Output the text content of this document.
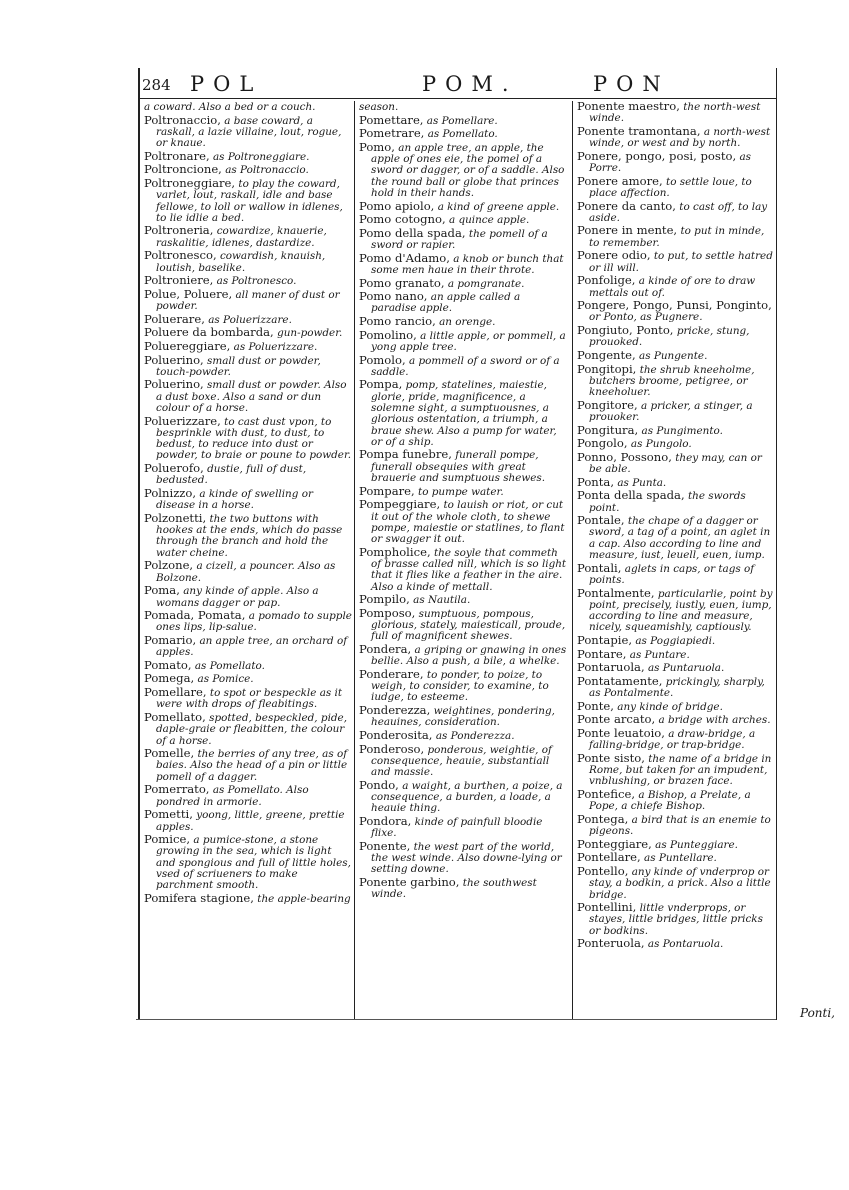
284 POL	POM.	PON
a coward. Also a bed or a couch.
Poltronaccio, a base coward, a raskall, a lazie villaine, lout, rogue, or knaue.
Poltronare, as Poltroneggiare.
Poltroncione, as Poltronaccio.
Poltroneggiare, to play the coward, varlet, lout, raskall, idle and base fellowe, to loll or wallow in idlenes, to lie idlie a bed.
Poltroneria, cowardize, knauerie, raskalitie, idlenes, dastardize.
Poltronesco, cowardish, knauish, loutish, baselike.
Poltroniere, as Poltronesco.
Polue, Poluere, all maner of dust or powder.
Poluerare, as Poluerizzare.
Poluere da bombarda, gun-powder.
Poluereggiare, as Poluerizzare.
Poluerino, small dust or powder, touch-powder.
Poluerino, small dust or powder. Also a dust boxe. Also a sand or dun colour of a horse.
Poluerizzare, to cast dust vpon, to besprinkle with dust, to dust, to bedust, to reduce into dust or powder, to braie or poune to powder.
Poluerofo, dustie, full of dust, bedusted.
Polnizzo, a kinde of swelling or disease in a horse.
Polzonetti, the two buttons with hookes at the ends, which do passe through the branch and hold the water cheine.
Polzone, a cizell, a pouncer. Also as Bolzone.
Poma, any kinde of apple. Also a womans dagger or pap.
Pomada, Pomata, a pomado to supple ones lips, lip-salue.
Pomario, an apple tree, an orchard of apples.
Pomato, as Pomellato.
Pomega, as Pomice.
Pomellare, to spot or bespeckle as it were with drops of fleabitings.
Pomellato, spotted, bespeckled, pide, daple-graie or fleabitten, the colour of a horse.
Pomelle, the berries of any tree, as of baies. Also the head of a pin or little pomell of a dagger.
Pomerrato, as Pomellato. Also pondred in armorie.
Pometti, yoong, little, greene, prettie apples.
Pomice, a pumice-stone, a stone growing in the sea, which is light and spongious and full of little holes, vsed of scriueners to make parchment smooth.
Pomifera stagione, the apple-bearing
season.
Pomettare, as Pomellare.
Pometrare, as Pomellato.
Pomo, an apple tree, an apple, the apple of ones eie, the pomel of a sword or dagger, or of a saddle. Also the round ball or globe that princes hold in their hands.
Pomo apiolo, a kind of greene apple.
Pomo cotogno, a quince apple.
Pomo della spada, the pomell of a sword or rapier.
Pomo d'Adamo, a knob or bunch that some men haue in their throte.
Pomo granato, a pomgranate.
Pomo nano, an apple called a paradise apple.
Pomo rancio, an orenge.
Pomolino, a little apple, or pommell, a yong apple tree.
Pomolo, a pommell of a sword or of a saddle.
Pompa, pomp, statelines, maiestie, glorie, pride, magnificence, a solemne sight, a sumptuousnes, a glorious ostentation, a triumph, a braue shew. Also a pump for water, or of a ship.
Pompa funebre, funerall pompe, funerall obsequies with great brauerie and sumptuous shewes.
Pompare, to pumpe water.
Pompeggiare, to lauish or riot, or cut it out of the whole cloth, to shewe pompe, maiestie or statlines, to flant or swagger it out.
Pompholice, the soyle that commeth of brasse called nill, which is so light that it flies like a feather in the aire. Also a kinde of mettall.
Pompilo, as Nautila.
Pomposo, sumptuous, pompous, glorious, stately, maiesticall, proude, full of magnificent shewes.
Pondera, a griping or gnawing in ones bellie. Also a push, a bile, a whelke.
Ponderare, to ponder, to poize, to weigh, to consider, to examine, to iudge, to esteeme.
Ponderezza, weightines, pondering, heauines, consideration.
Ponderosita, as Ponderezza.
Ponderoso, ponderous, weightie, of consequence, heauie, substantiall and massie.
Pondo, a waight, a burthen, a poize, a consequence, a burden, a loade, a heauie thing.
Pondora, kinde of painfull bloodie flixe.
Ponente, the west part of the world, the west winde. Also downe-lying or setting downe.
Ponente garbino, the southwest winde.
Ponente maestro, the north-west winde.
Ponente tramontana, a north-west winde, or west and by north.
Ponere, pongo, posi, posto, as Porre.
Ponere amore, to settle loue, to place affection.
Ponere da canto, to cast off, to lay aside.
Ponere in mente, to put in minde, to remember.
Ponere odio, to put, to settle hatred or ill will.
Ponfolige, a kinde of ore to draw mettals out of.
Pongere, Pongo, Punsi, Ponginto, or Ponto, as Pugnere.
Pongiuto, Ponto, pricke, stung, prouoked.
Pongente, as Pungente.
Pongitopi, the shrub kneeholme, butchers broome, petigree, or kneeholuer.
Pongitore, a pricker, a stinger, a prouoker.
Pongitura, as Pungimento.
Pongolo, as Pungolo.
Ponno, Possono, they may, can or be able.
Ponta, as Punta.
Ponta della spada, the swords point.
Pontale, the chape of a dagger or sword, a tag of a point, an aglet in a cap. Also according to line and measure, iust, leuell, euen, iump.
Pontali, aglets in caps, or tags of points.
Pontalmente, particularlie, point by point, precisely, iustly, euen, iump, according to line and measure, nicely, squeamishly, captiously.
Pontapie, as Poggiapiedi.
Pontare, as Puntare.
Pontaruola, as Puntaruola.
Pontatamente, prickingly, sharply, as Pontalmente.
Ponte, any kinde of bridge.
Ponte arcato, a bridge with arches.
Ponte leuatoio, a draw-bridge, a falling-bridge, or trap-bridge.
Ponte sisto, the name of a bridge in Rome, but taken for an impudent, vnblushing, or brazen face.
Pontefice, a Bishop, a Prelate, a Pope, a chiefe Bishop.
Pontega, a bird that is an enemie to pigeons.
Ponteggiare, as Punteggiare.
Pontellare, as Puntellare.
Pontello, any kinde of vnderprop or stay, a bodkin, a prick. Also a little bridge.
Pontellini, little vnderprops, or stayes, little bridges, little pricks or bodkins.
Ponteruola, as Pontaruola.
Ponti,
